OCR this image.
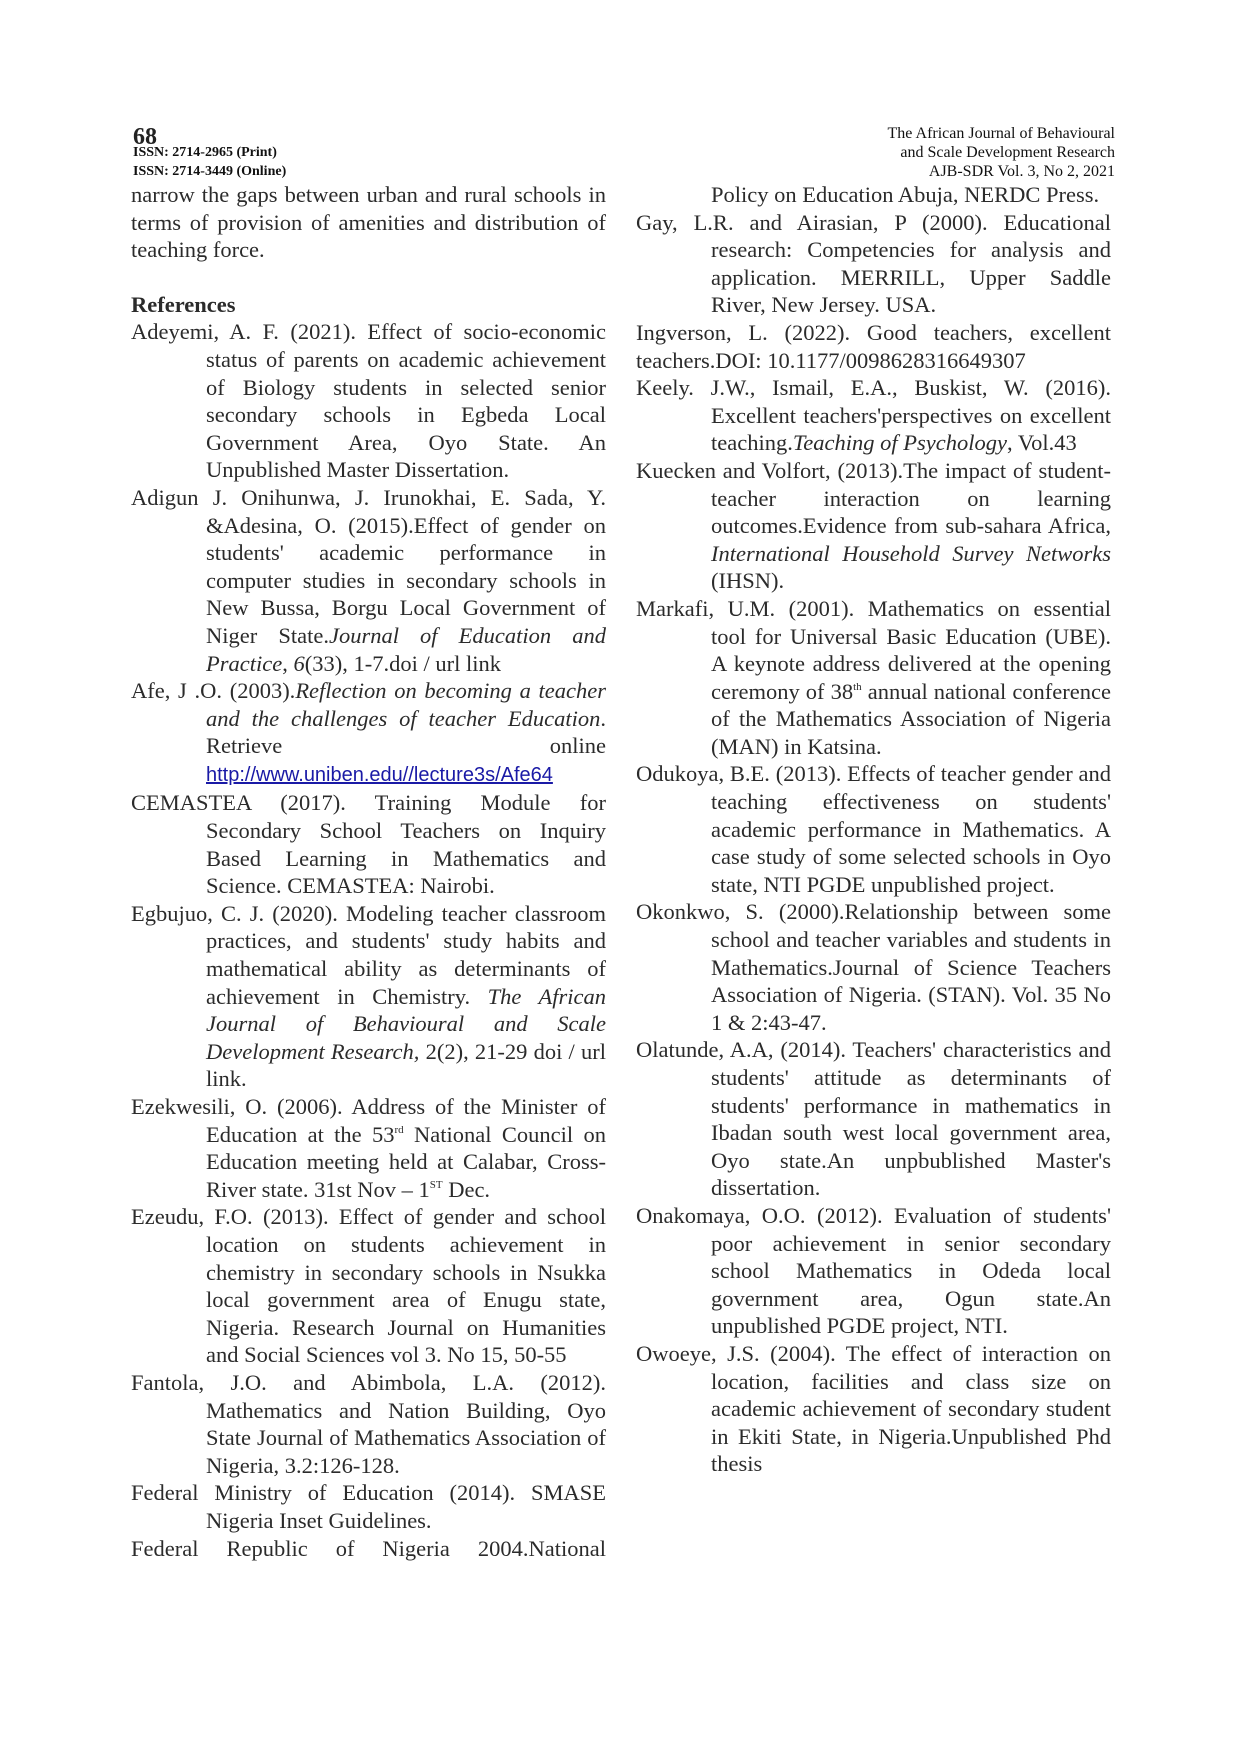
68
ISSN: 2714-2965 (Print)
ISSN: 2714-3449 (Online)
The African Journal of Behavioural
and Scale Development Research
AJB-SDR Vol. 3, No 2, 2021

narrow the gaps between urban and rural schools in terms of provision of amenities and distribution of teaching force.

References

Adeyemi, A. F. (2021). Effect of socio-economic status of parents on academic achievement of Biology students in selected senior secondary schools in Egbeda Local Government Area, Oyo State. An Unpublished Master Dissertation.

Adigun J. Onihunwa, J. Irunokhai, E. Sada, Y. &Adesina, O. (2015).Effect of gender on students' academic performance in computer studies in secondary schools in New Bussa, Borgu Local Government of Niger State.Journal of Education and Practice, 6(33), 1-7.doi / url link

Afe, J .O. (2003).Reflection on becoming a teacher and the challenges of teacher Education. Retrieve online http://www.uniben.edu//lecture3s/Afe64

CEMASTEA (2017). Training Module for Secondary School Teachers on Inquiry Based Learning in Mathematics and Science. CEMASTEA: Nairobi.

Egbujuo, C. J. (2020). Modeling teacher classroom practices, and students' study habits and mathematical ability as determinants of achievement in Chemistry. The African Journal of Behavioural and Scale Development Research, 2(2), 21-29 doi / url link.

Ezekwesili, O. (2006). Address of the Minister of Education at the 53rd National Council on Education meeting held at Calabar, Cross-River state. 31st Nov – 1ST Dec.

Ezeudu, F.O. (2013). Effect of gender and school location on students achievement in chemistry in secondary schools in Nsukka local government area of Enugu state, Nigeria. Research Journal on Humanities and Social Sciences vol 3. No 15, 50-55

Fantola, J.O. and Abimbola, L.A. (2012). Mathematics and Nation Building, Oyo State Journal of Mathematics Association of Nigeria, 3.2:126-128.

Federal Ministry of Education (2014). SMASE Nigeria Inset Guidelines.

Federal Republic of Nigeria 2004.National

Policy on Education Abuja, NERDC Press.

Gay, L.R. and Airasian, P (2000). Educational research: Competencies for analysis and application. MERRILL, Upper Saddle River, New Jersey. USA.

Ingverson, L. (2022). Good teachers, excellent
teachers.DOI: 10.1177/0098628316649307

Keely. J.W., Ismail, E.A., Buskist, W. (2016). Excellent teachers'perspectives on excellent teaching.Teaching of Psychology, Vol.43

Kuecken and Volfort, (2013).The impact of student-teacher interaction on learning outcomes.Evidence from sub-sahara Africa, International Household Survey Networks (IHSN).

Markafi, U.M. (2001). Mathematics on essential tool for Universal Basic Education (UBE). A keynote address delivered at the opening ceremony of 38th annual national conference of the Mathematics Association of Nigeria (MAN) in Katsina.

Odukoya, B.E. (2013). Effects of teacher gender and teaching effectiveness on students' academic performance in Mathematics. A case study of some selected schools in Oyo state, NTI PGDE unpublished project.

Okonkwo, S. (2000).Relationship between some school and teacher variables and students in Mathematics.Journal of Science Teachers Association of Nigeria. (STAN). Vol. 35 No 1 & 2:43-47.

Olatunde, A.A, (2014). Teachers' characteristics and students' attitude as determinants of students' performance in mathematics in Ibadan south west local government area, Oyo state.An unpbublished Master's dissertation.

Onakomaya, O.O. (2012). Evaluation of students' poor achievement in senior secondary school Mathematics in Odeda local government area, Ogun state.An unpublished PGDE project, NTI.

Owoeye, J.S. (2004). The effect of interaction on location, facilities and class size on academic achievement of secondary student in Ekiti State, in Nigeria.Unpublished Phd thesis
